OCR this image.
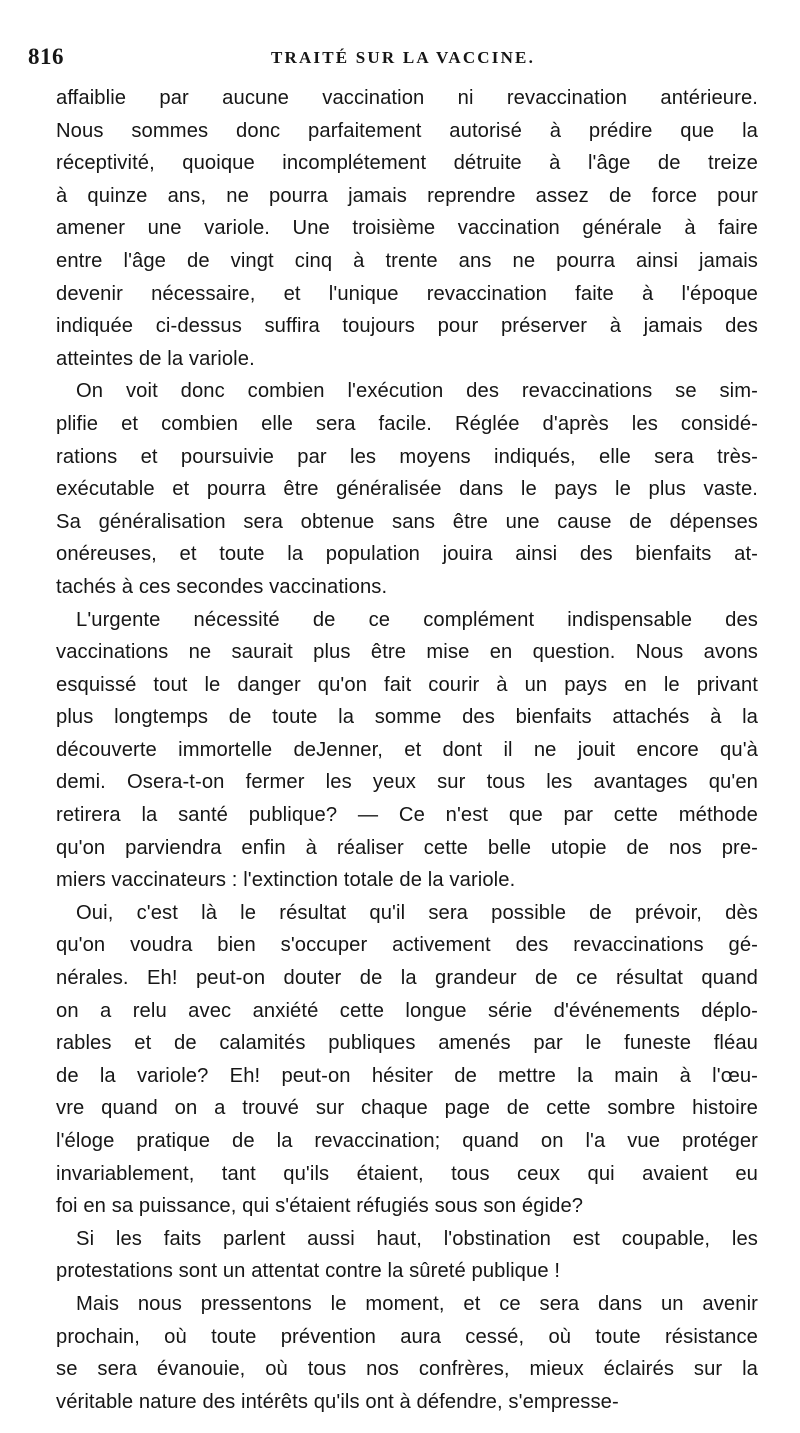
816	TRAITÉ SUR LA VACCINE.
affaiblie par aucune vaccination ni revaccination antérieure.
Nous sommes donc parfaitement autorisé à prédire que la
réceptivité, quoique incomplétement détruite à l'âge de treize
à quinze ans, ne pourra jamais reprendre assez de force pour
amener une variole. Une troisième vaccination générale à faire
entre l'âge de vingt cinq à trente ans ne pourra ainsi jamais
devenir nécessaire, et l'unique revaccination faite à l'époque
indiquée ci-dessus suffira toujours pour préserver à jamais des
atteintes de la variole.
On voit donc combien l'exécution des revaccinations se sim-
plifie et combien elle sera facile. Réglée d'après les considé-
rations et poursuivie par les moyens indiqués, elle sera très-
exécutable et pourra être généralisée dans le pays le plus vaste.
Sa généralisation sera obtenue sans être une cause de dépenses
onéreuses, et toute la population jouira ainsi des bienfaits at-
tachés à ces secondes vaccinations.
L'urgente nécessité de ce complément indispensable des
vaccinations ne saurait plus être mise en question. Nous avons
esquissé tout le danger qu'on fait courir à un pays en le privant
plus longtemps de toute la somme des bienfaits attachés à la
découverte immortelle deJenner, et dont il ne jouit encore qu'à
demi. Osera-t-on fermer les yeux sur tous les avantages qu'en
retirera la santé publique? — Ce n'est que par cette méthode
qu'on parviendra enfin à réaliser cette belle utopie de nos pre-
miers vaccinateurs : l'extinction totale de la variole.
Oui, c'est là le résultat qu'il sera possible de prévoir, dès
qu'on voudra bien s'occuper activement des revaccinations gé-
nérales. Eh! peut-on douter de la grandeur de ce résultat quand
on a relu avec anxiété cette longue série d'événements déplo-
rables et de calamités publiques amenés par le funeste fléau
de la variole? Eh! peut-on hésiter de mettre la main à l'œu-
vre quand on a trouvé sur chaque page de cette sombre histoire
l'éloge pratique de la revaccination; quand on l'a vue protéger
invariablement, tant qu'ils étaient, tous ceux qui avaient eu
foi en sa puissance, qui s'étaient réfugiés sous son égide?
Si les faits parlent aussi haut, l'obstination est coupable, les
protestations sont un attentat contre la sûreté publique !
Mais nous pressentons le moment, et ce sera dans un avenir
prochain, où toute prévention aura cessé, où toute résistance
se sera évanouie, où tous nos confrères, mieux éclairés sur la
véritable nature des intérêts qu'ils ont à défendre, s'empresse-
